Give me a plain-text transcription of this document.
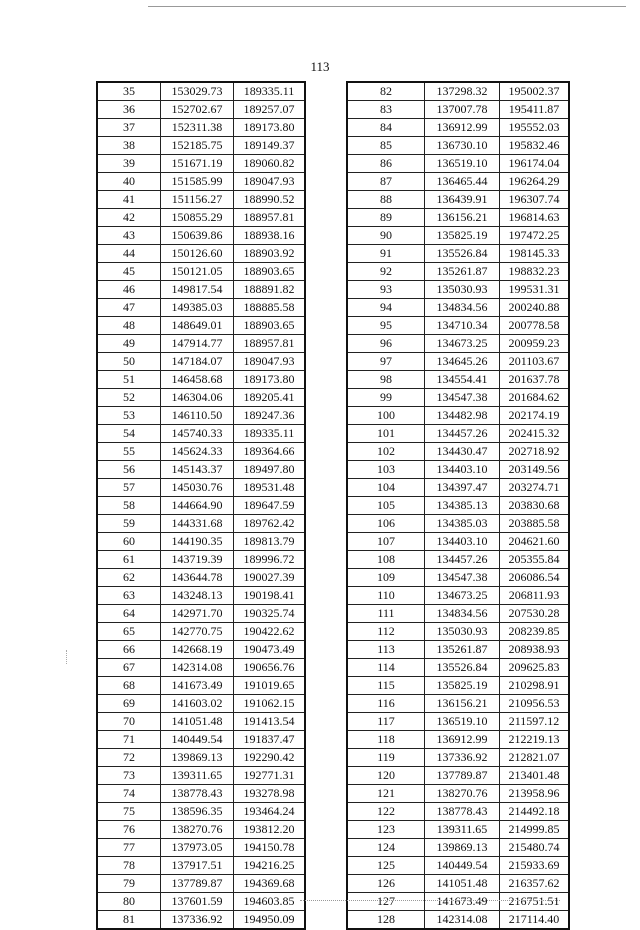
113
35	153029.73	189335.11
36	152702.67	189257.07
37	152311.38	189173.80
38	152185.75	189149.37
39	151671.19	189060.82
40	151585.99	189047.93
41	151156.27	188990.52
42	150855.29	188957.81
43	150639.86	188938.16
44	150126.60	188903.92
45	150121.05	188903.65
46	149817.54	188891.82
47	149385.03	188885.58
48	148649.01	188903.65
49	147914.77	188957.81
50	147184.07	189047.93
51	146458.68	189173.80
52	146304.06	189205.41
53	146110.50	189247.36
54	145740.33	189335.11
55	145624.33	189364.66
56	145143.37	189497.80
57	145030.76	189531.48
58	144664.90	189647.59
59	144331.68	189762.42
60	144190.35	189813.79
61	143719.39	189996.72
62	143644.78	190027.39
63	143248.13	190198.41
64	142971.70	190325.74
65	142770.75	190422.62
66	142668.19	190473.49
67	142314.08	190656.76
68	141673.49	191019.65
69	141603.02	191062.15
70	141051.48	191413.54
71	140449.54	191837.47
72	139869.13	192290.42
73	139311.65	192771.31
74	138778.43	193278.98
75	138596.35	193464.24
76	138270.76	193812.20
77	137973.05	194150.78
78	137917.51	194216.25
79	137789.87	194369.68
80	137601.59	194603.85
81	137336.92	194950.09
82	137298.32	195002.37
83	137007.78	195411.87
84	136912.99	195552.03
85	136730.10	195832.46
86	136519.10	196174.04
87	136465.44	196264.29
88	136439.91	196307.74
89	136156.21	196814.63
90	135825.19	197472.25
91	135526.84	198145.33
92	135261.87	198832.23
93	135030.93	199531.31
94	134834.56	200240.88
95	134710.34	200778.58
96	134673.25	200959.23
97	134645.26	201103.67
98	134554.41	201637.78
99	134547.38	201684.62
100	134482.98	202174.19
101	134457.26	202415.32
102	134430.47	202718.92
103	134403.10	203149.56
104	134397.47	203274.71
105	134385.13	203830.68
106	134385.03	203885.58
107	134403.10	204621.60
108	134457.26	205355.84
109	134547.38	206086.54
110	134673.25	206811.93
111	134834.56	207530.28
112	135030.93	208239.85
113	135261.87	208938.93
114	135526.84	209625.83
115	135825.19	210298.91
116	136156.21	210956.53
117	136519.10	211597.12
118	136912.99	212219.13
119	137336.92	212821.07
120	137789.87	213401.48
121	138270.76	213958.96
122	138778.43	214492.18
123	139311.65	214999.85
124	139869.13	215480.74
125	140449.54	215933.69
126	141051.48	216357.62
127	141673.49	216751.51
128	142314.08	217114.40
